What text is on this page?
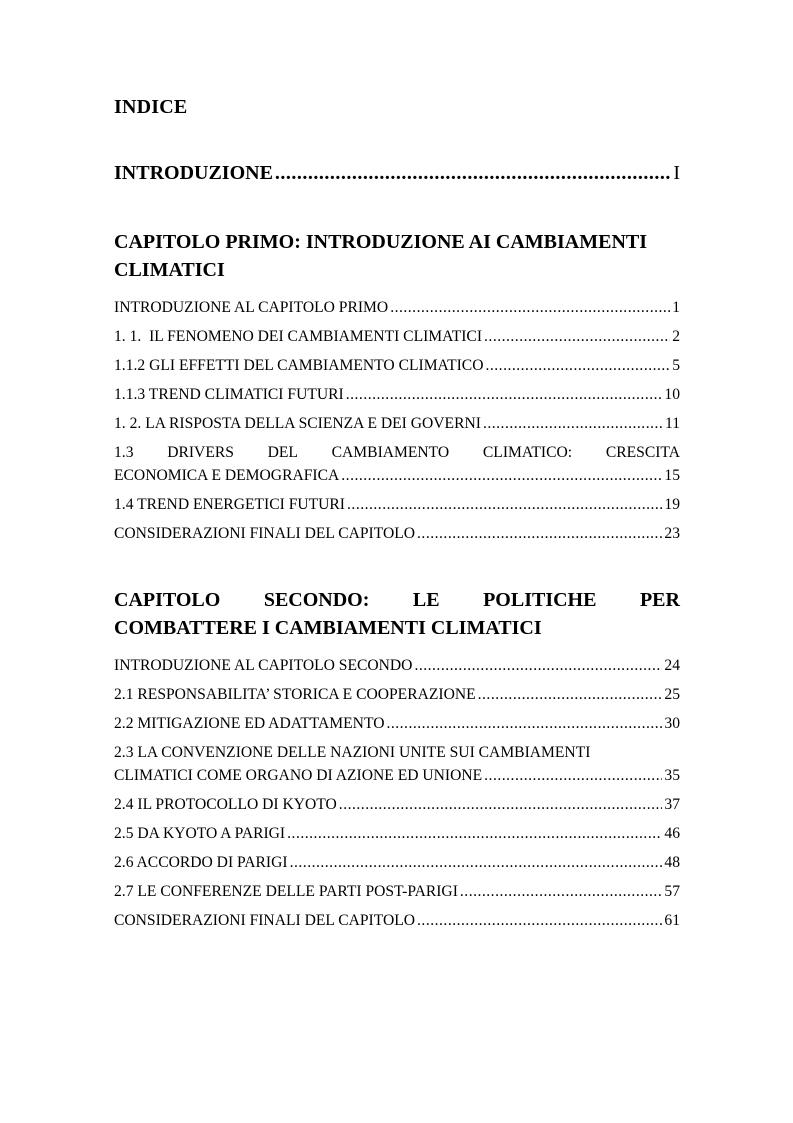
INDICE
INTRODUZIONE .....	I
CAPITOLO PRIMO: INTRODUZIONE AI CAMBIAMENTI
CLIMATICI
INTRODUZIONE AL CAPITOLO PRIMO .....	1
1. 1.  IL FENOMENO DEI CAMBIAMENTI CLIMATICI .....	2
1.1.2 GLI EFFETTI DEL CAMBIAMENTO CLIMATICO .....	5
1.1.3 TREND CLIMATICI FUTURI .....	10
1. 2. LA RISPOSTA DELLA SCIENZA E DEI GOVERNI .....	11
1.3 DRIVERS DEL CAMBIAMENTO CLIMATICO: CRESCITA
ECONOMICA E DEMOGRAFICA .....	15
1.4 TREND ENERGETICI FUTURI .....	19
CONSIDERAZIONI FINALI DEL CAPITOLO .....	23
CAPITOLO SECONDO: LE POLITICHE PER
COMBATTERE I CAMBIAMENTI CLIMATICI
INTRODUZIONE AL CAPITOLO SECONDO .....	24
2.1 RESPONSABILITA’ STORICA E COOPERAZIONE .....	25
2.2 MITIGAZIONE ED ADATTAMENTO .....	30
2.3 LA CONVENZIONE DELLE NAZIONI UNITE SUI CAMBIAMENTI
CLIMATICI COME ORGANO DI AZIONE ED UNIONE .....	35
2.4 IL PROTOCOLLO DI KYOTO .....	37
2.5 DA KYOTO A PARIGI .....	46
2.6 ACCORDO DI PARIGI .....	48
2.7 LE CONFERENZE DELLE PARTI POST-PARIGI .....	57
CONSIDERAZIONI FINALI DEL CAPITOLO .....	61
